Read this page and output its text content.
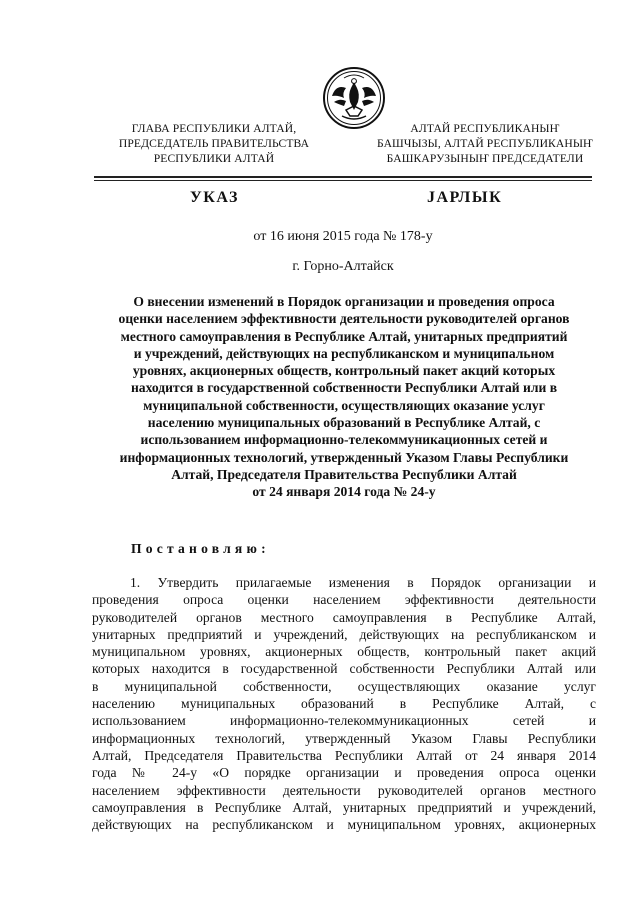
ГЛАВА РЕСПУБЛИКИ АЛТАЙ,
ПРЕДСЕДАТЕЛЬ ПРАВИТЕЛЬСТВА
РЕСПУБЛИКИ АЛТАЙ
АЛТАЙ РЕСПУБЛИКАНЫҤ
БАШЧЫЗЫ, АЛТАЙ РЕСПУБЛИКАНЫҤ
БАШКАРУЗЫНЫҤ ПРЕДСЕДАТЕЛИ
УКАЗ	ЈАРЛЫК
от 16 июня 2015 года № 178-у
г. Горно-Алтайск
О внесении изменений в Порядок организации и проведения опроса
оценки населением эффективности деятельности руководителей органов
местного самоуправления в Республике Алтай, унитарных предприятий
и учреждений, действующих на республиканском и муниципальном
уровнях, акционерных обществ, контрольный пакет акций которых
находится в государственной собственности Республики Алтай или в
муниципальной собственности, осуществляющих оказание услуг
населению муниципальных образований в Республике Алтай, с
использованием информационно-телекоммуникационных сетей и
информационных технологий, утвержденный Указом Главы Республики
Алтай, Председателя Правительства Республики Алтай
от 24 января 2014 года № 24-у
Постановляю:
1. Утвердить прилагаемые изменения в Порядок организации и
проведения опроса оценки населением эффективности деятельности
руководителей органов местного самоуправления в Республике Алтай,
унитарных предприятий и учреждений, действующих на республиканском и
муниципальном уровнях, акционерных обществ, контрольный пакет акций
которых находится в государственной собственности Республики Алтай или
в муниципальной собственности, осуществляющих оказание услуг
населению муниципальных образований в Республике Алтай, с
использованием информационно-телекоммуникационных сетей и
информационных технологий, утвержденный Указом Главы Республики
Алтай, Председателя Правительства Республики Алтай от 24 января 2014
года № 24-у «О порядке организации и проведения опроса оценки
населением эффективности деятельности руководителей органов местного
самоуправления в Республике Алтай, унитарных предприятий и учреждений,
действующих на республиканском и муниципальном уровнях, акционерных
